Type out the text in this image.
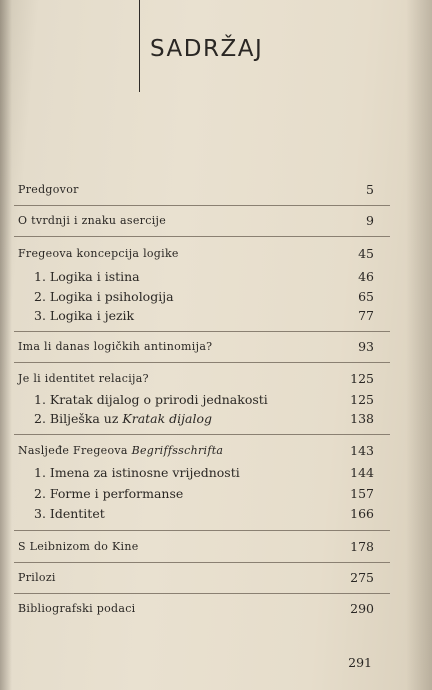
SADRŽAJ
Predgovor	5
O tvrdnji i znaku asercije	9
Fregeova koncepcija logike	45
1. Logika i istina	46
2. Logika i psihologija	65
3. Logika i jezik	77
Ima li danas logičkih antinomija?	93
Je li identitet relacija?	125
1. Kratak dijalog o prirodi jednakosti	125
2. Bilješka uz Kratak dijalog	138
Nasljeđe Fregeova Begriffsschrifta	143
1. Imena za istinosne vrijednosti	144
2. Forme i performanse	157
3. Identitet	166
S Leibnizom do Kine	178
Prilozi	275
Bibliografski podaci	290
291
